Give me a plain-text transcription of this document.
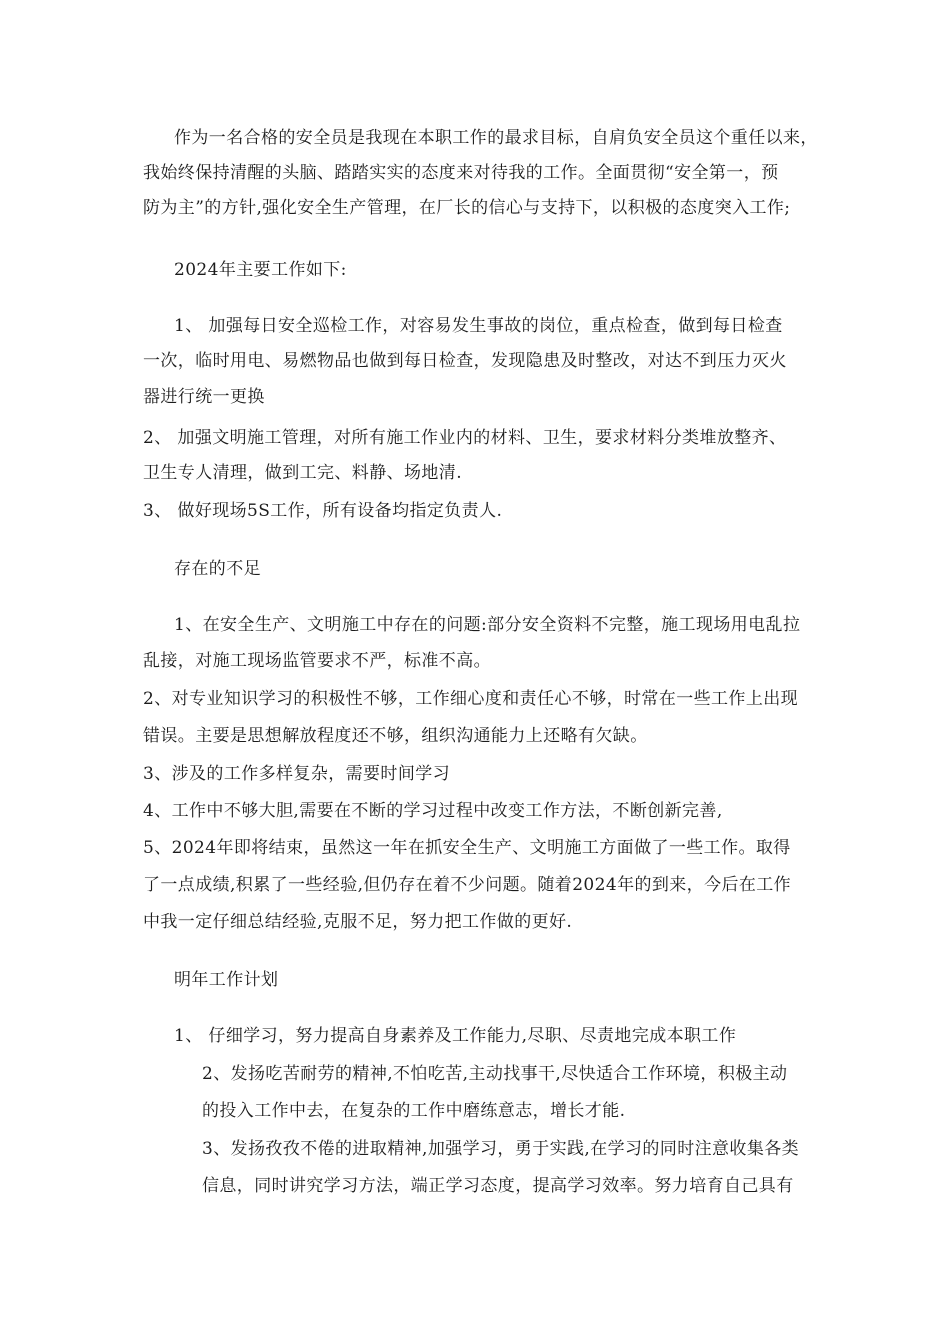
作为一名合格的安全员是我现在本职工作的最求目标，自肩负安全员这个重任以来，
我始终保持清醒的头脑、踏踏实实的态度来对待我的工作。全面贯彻“安全第一，预
防为主”的方针,强化安全生产管理，在厂长的信心与支持下，以积极的态度突入工作;
2024年主要工作如下:
1、 加强每日安全巡检工作，对容易发生事故的岗位，重点检查，做到每日检查
一次，临时用电、易燃物品也做到每日检查，发现隐患及时整改，对达不到压力灭火
器进行统一更换
2、 加强文明施工管理，对所有施工作业内的材料、卫生，要求材料分类堆放整齐、
卫生专人清理，做到工完、料静、场地清.
3、 做好现场5S工作，所有设备均指定负责人.
存在的不足
1、在安全生产、文明施工中存在的问题:部分安全资料不完整，施工现场用电乱拉
乱接，对施工现场监管要求不严，标准不高。
2、对专业知识学习的积极性不够，工作细心度和责任心不够，时常在一些工作上出现
错误。主要是思想解放程度还不够，组织沟通能力上还略有欠缺。
3、涉及的工作多样复杂，需要时间学习
4、工作中不够大胆,需要在不断的学习过程中改变工作方法，不断创新完善,
5、2024年即将结束，虽然这一年在抓安全生产、文明施工方面做了一些工作。取得
了一点成绩,积累了一些经验,但仍存在着不少问题。随着2024年的到来，今后在工作
中我一定仔细总结经验,克服不足，努力把工作做的更好.
明年工作计划
1、 仔细学习，努力提高自身素养及工作能力,尽职、尽责地完成本职工作
2、发扬吃苦耐劳的精神,不怕吃苦,主动找事干,尽快适合工作环境，积极主动
的投入工作中去，在复杂的工作中磨练意志，增长才能.
3、发扬孜孜不倦的进取精神,加强学习，勇于实践,在学习的同时注意收集各类
信息，同时讲究学习方法，端正学习态度，提高学习效率。努力培育自己具有
